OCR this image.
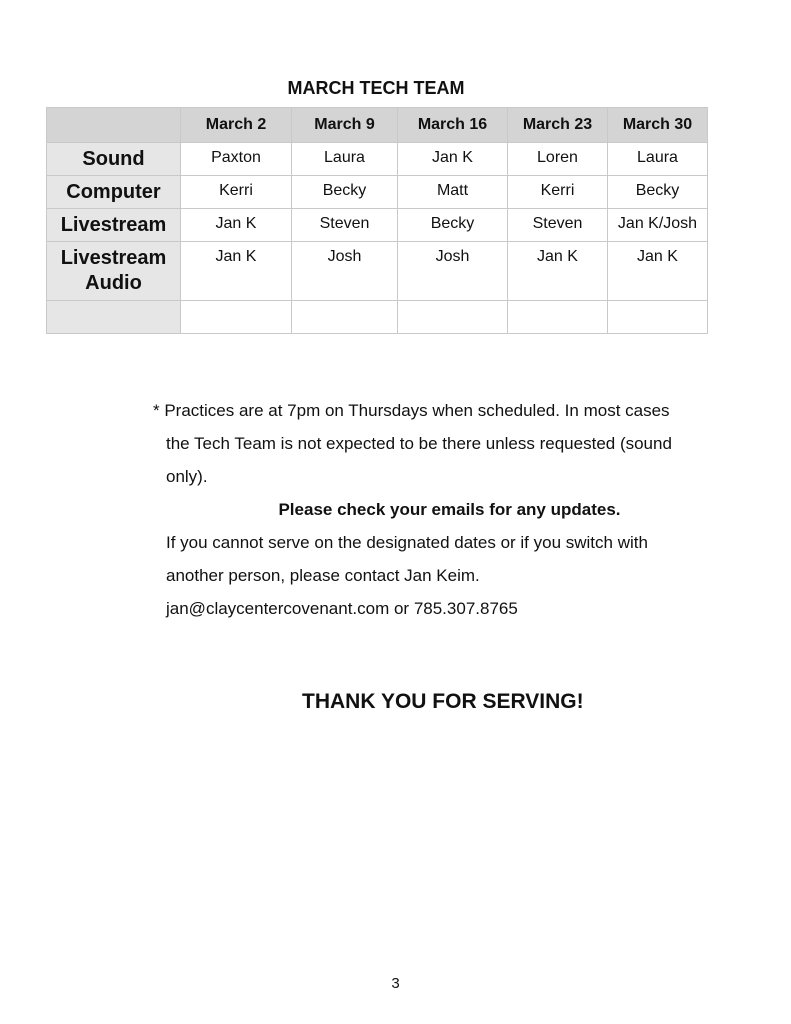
MARCH TECH TEAM
	March 2	March 9	March 16	March 23	March 30
Sound	Paxton	Laura	Jan K	Loren	Laura
Computer	Kerri	Becky	Matt	Kerri	Becky
Livestream	Jan K	Steven	Becky	Steven	Jan K/Josh
Livestream Audio	Jan K	Josh	Josh	Jan K	Jan K

* Practices are at 7pm on Thursdays when scheduled. In most cases

the Tech Team is not expected to be there unless requested (sound

only).

Please check your emails for any updates.

If you cannot serve on the designated dates or if you switch with

another person, please contact Jan Keim.

jan@claycentercovenant.com or 785.307.8765

THANK YOU FOR SERVING!
3
